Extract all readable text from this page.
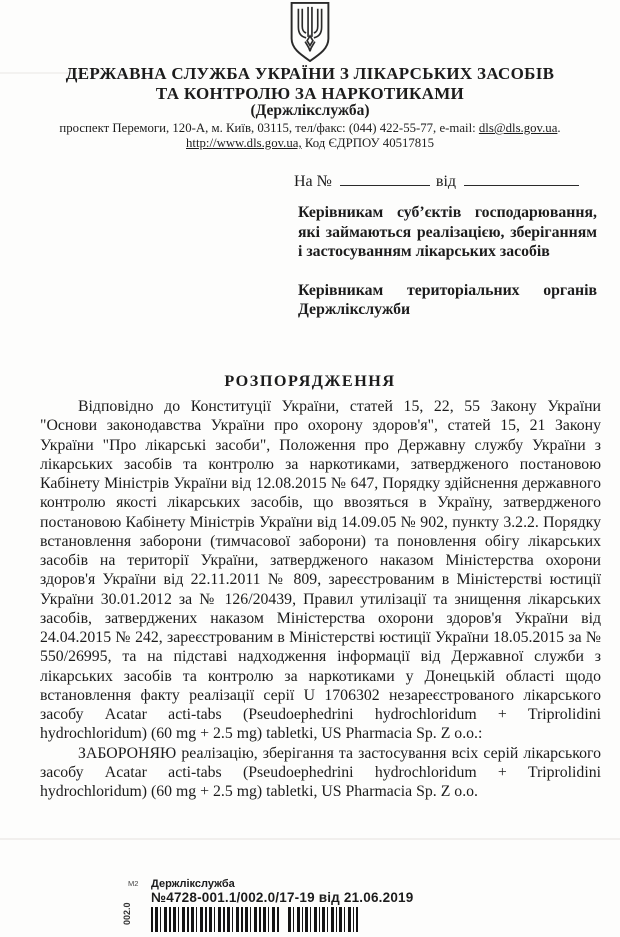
ДЕРЖАВНА СЛУЖБА УКРАЇНИ З ЛІКАРСЬКИХ ЗАСОБІВ
ТА КОНТРОЛЮ ЗА НАРКОТИКАМИ
(Держлікслужба)
проспект Перемоги, 120-А, м. Київ, 03115, тел/факс: (044) 422-55-77, e-mail: dls@dls.gov.ua.
http://www.dls.gov.ua, Код ЄДРПОУ 40517815
На №	від

Керівникам суб’єктів господарювання, які займаються реалізацією, зберіганням і застосуванням лікарських засобів

Керівникам територіальних органів Держлікслужби

РОЗПОРЯДЖЕННЯ

Відповідно до Конституції України, статей 15, 22, 55 Закону України "Основи законодавства України про охорону здоров'я", статей 15, 21 Закону України "Про лікарські засоби", Положення про Державну службу України з лікарських засобів та контролю за наркотиками, затвердженого постановою Кабінету Міністрів України від 12.08.2015 № 647, Порядку здійснення державного контролю якості лікарських засобів, що ввозяться в Україну, затвердженого постановою Кабінету Міністрів України від 14.09.05 № 902, пункту 3.2.2. Порядку встановлення заборони (тимчасової заборони) та поновлення обігу лікарських засобів на території України, затвердженого наказом Міністерства охорони здоров'я України від 22.11.2011 № 809, зареєстрованим в Міністерстві юстиції України 30.01.2012 за № 126/20439, Правил утилізації та знищення лікарських засобів, затверджених наказом Міністерства охорони здоров'я України від 24.04.2015 № 242, зареєстрованим в Міністерстві юстиції України 18.05.2015 за № 550/26995, та на підставі надходження інформації від Державної служби з лікарських засобів та контролю за наркотиками у Донецькій області щодо встановлення факту реалізації серії U 1706302 незареєстрованого лікарського засобу Acatar acti-tabs (Pseudoephedrini hydrochloridum + Triprolidini hydrochloridum) (60 mg + 2.5 mg) tabletki, US Pharmacia Sp. Z o.o.:

ЗАБОРОНЯЮ реалізацію, зберігання та застосування всіх серій лікарського засобу Acatar acti-tabs (Pseudoephedrini hydrochloridum + Triprolidini hydrochloridum) (60 mg + 2.5 mg) tabletki, US Pharmacia Sp. Z o.o.

М2 Держлікслужба
№4728-001.1/002.0/17-19 від 21.06.2019
002.0
